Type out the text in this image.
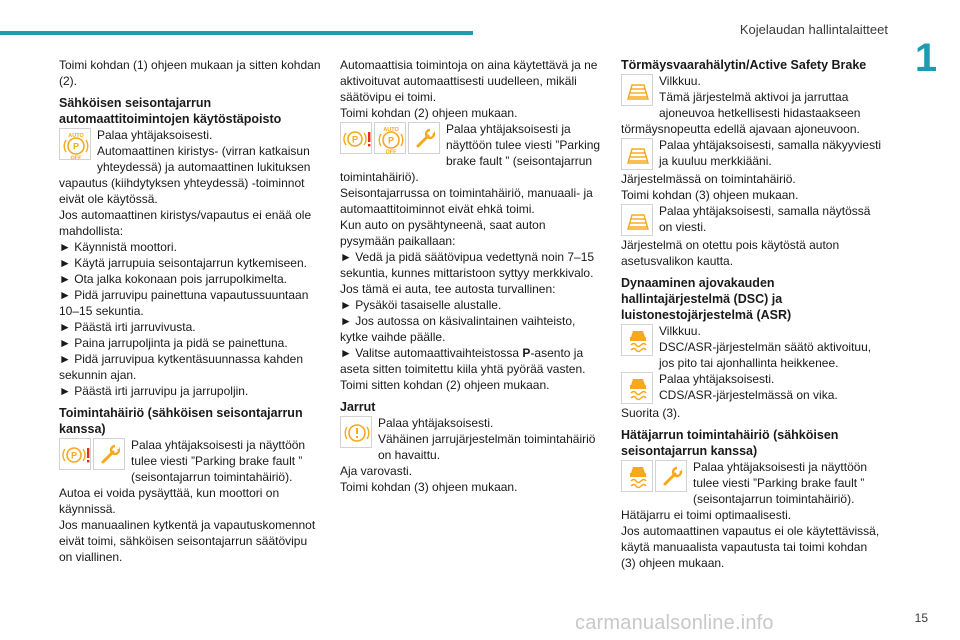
Kojelaudan hallintalaitteet
1

Toimi kohdan (1) ohjeen mukaan ja sitten kohdan (2).

Sähköisen seisontajarrun automaattitoimintojen käytöstäpoisto
Palaa yhtäjaksoisesti.
Automaattinen kiristys- (virran katkaisun yhteydessä) ja automaattinen lukituksen vapautus (kiihdytyksen yhteydessä) -toiminnot eivät ole käytössä.

Jos automaattinen kiristys/vapautus ei enää ole mahdollista:

► Käynnistä moottori.

► Käytä jarrupuia seisontajarrun kytkemiseen.

► Ota jalka kokonaan pois jarrupolkimelta.

► Pidä jarruvipu painettuna vapautussuuntaan 10–15 sekuntia.

► Päästä irti jarruvivusta.

► Paina jarrupoljinta ja pidä se painettuna.

► Pidä jarruvipua kytkentäsuunnassa kahden sekunnin ajan.

► Päästä irti jarruvipu ja jarrupoljin.

Toimintahäiriö (sähköisen seisontajarrun kanssa)
Palaa yhtäjaksoisesti ja näyttöön tulee viesti ”Parking brake fault ” (seisontajarrun toimintahäiriö).

Autoa ei voida pysäyttää, kun moottori on käynnissä.

Jos manuaalinen kytkentä ja vapautuskomennot eivät toimi, sähköisen seisontajarrun säätövipu on viallinen.

Automaattisia toimintoja on aina käytettävä ja ne aktivoituvat automaattisesti uudelleen, mikäli säätövipu ei toimi.

Toimi kohdan (2) ohjeen mukaan.

Palaa yhtäjaksoisesti ja näyttöön tulee viesti ”Parking brake fault ” (seisontajarrun toimintahäiriö).

Seisontajarrussa on toimintahäiriö, manuaali- ja automaattitoiminnot eivät ehkä toimi.

Kun auto on pysähtyneenä, saat auton pysymään paikallaan:

► Vedä ja pidä säätövipua vedettynä noin 7–15 sekuntia, kunnes mittaristoon syttyy merkkivalo.

Jos tämä ei auta, tee autosta turvallinen:

► Pysäköi tasaiselle alustalle.

► Jos autossa on käsivalintainen vaihteisto, kytke vaihde päälle.

► Valitse automaattivaihteistossa P-asento ja aseta sitten toimitettu kiila yhtä pyörää vasten.

Toimi sitten kohdan (2) ohjeen mukaan.

Jarrut
Palaa yhtäjaksoisesti.
Vähäinen jarrujärjestelmän toimintahäiriö on havaittu.

Aja varovasti.

Toimi kohdan (3) ohjeen mukaan.

Törmäysvaarahälytin/Active Safety Brake
Vilkkuu.
Tämä järjestelmä aktivoi ja jarruttaa ajoneuvoa hetkellisesti hidastaakseen törmäysnopeutta edellä ajavaan ajoneuvoon.
Palaa yhtäjaksoisesti, samalla näkyyviesti ja kuuluu merkkiääni.

Järjestelmässä on toimintahäiriö.

Toimi kohdan (3) ohjeen mukaan.

Palaa yhtäjaksoisesti, samalla näytössä on viesti.

Järjestelmä on otettu pois käytöstä auton asetusvalikon kautta.

Dynaaminen ajovakauden hallintajärjestelmä (DSC) ja luistonestojärjestelmä (ASR)
Vilkkuu.
DSC/ASR-järjestelmän säätö aktivoituu, jos pito tai ajonhallinta heikkenee.
Palaa yhtäjaksoisesti.
CDS/ASR-järjestelmässä on vika.

Suorita (3).

Hätäjarrun toimintahäiriö (sähköisen seisontajarrun kanssa)
Palaa yhtäjaksoisesti ja näyttöön tulee viesti ”Parking brake fault ” (seisontajarrun toimintahäiriö).

Hätäjarru ei toimi optimaalisesti.

Jos automaattinen vapautus ei ole käytettävissä, käytä manuaalista vapautusta tai toimi kohdan (3) ohjeen mukaan.

carmanualsonline.info	15
